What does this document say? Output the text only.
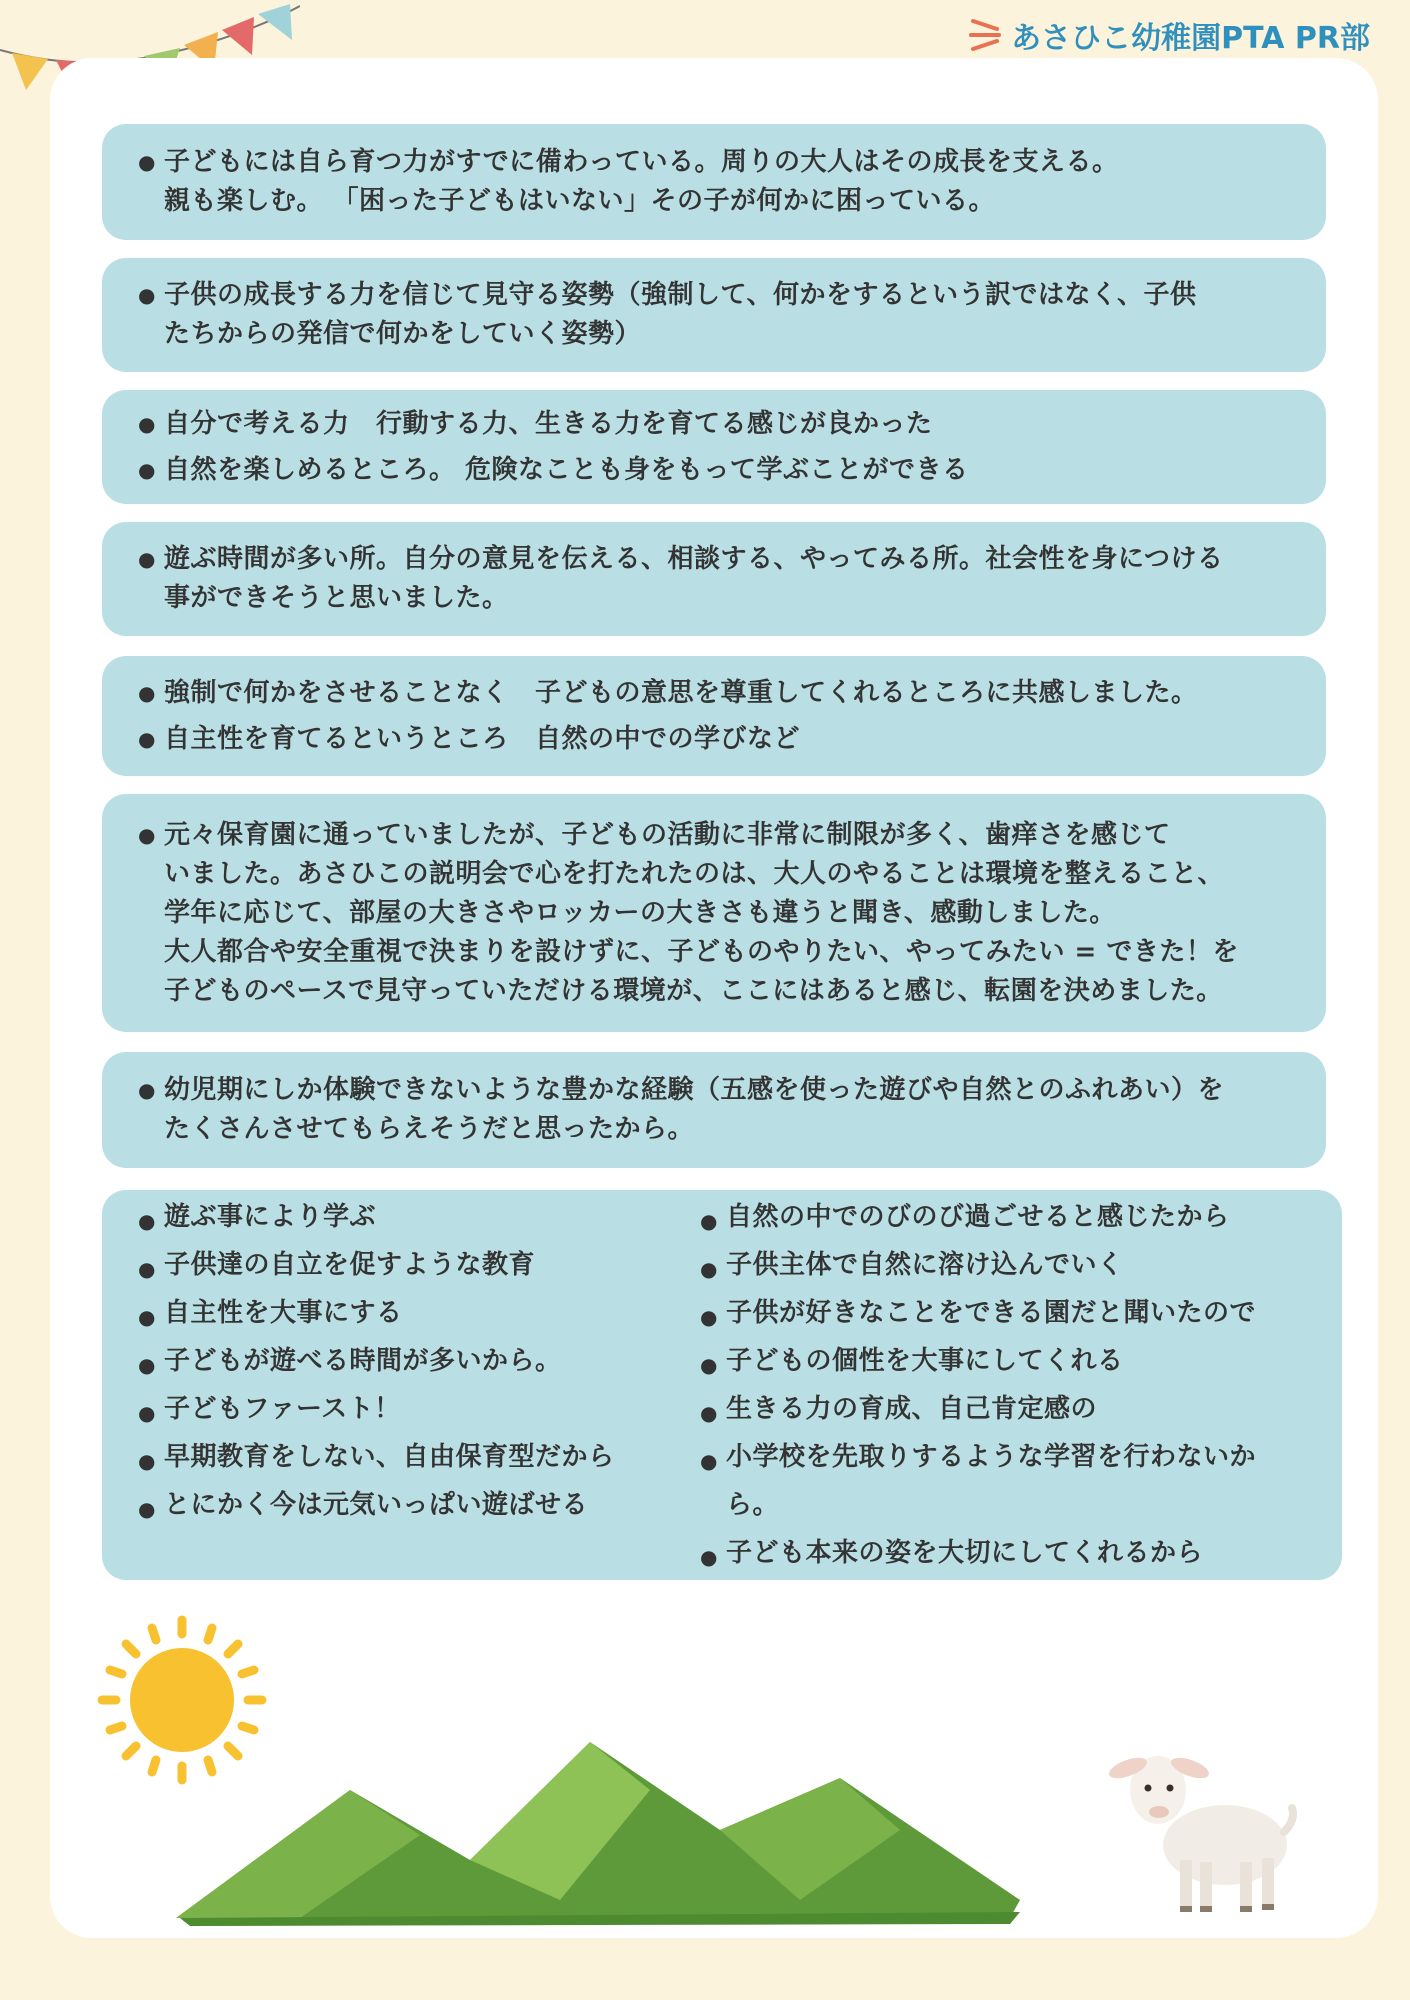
あさひこ幼稚園PTA PR部
● 子どもには自ら育つ力がすでに備わっている。周りの大人はその成長を支える。
親も楽しむ。 「困った子どもはいない」その子が何かに困っている。
● 子供の成長する力を信じて見守る姿勢（強制して、何かをするという訳ではなく、子供
たちからの発信で何かをしていく姿勢）
● 自分で考える力　行動する力、生きる力を育てる感じが良かった
● 自然を楽しめるところ。 危険なことも身をもって学ぶことができる
● 遊ぶ時間が多い所。自分の意見を伝える、相談する、やってみる所。社会性を身につける
事ができそうと思いました。
● 強制で何かをさせることなく　子どもの意思を尊重してくれるところに共感しました。
● 自主性を育てるというところ　自然の中での学びなど
● 元々保育園に通っていましたが、子どもの活動に非常に制限が多く、歯痒さを感じて
いました。あさひこの説明会で心を打たれたのは、大人のやることは環境を整えること、
学年に応じて、部屋の大きさやロッカーの大きさも違うと聞き、感動しました。
大人都合や安全重視で決まりを設けずに、子どものやりたい、やってみたい = できた！を
子どものペースで見守っていただける環境が、ここにはあると感じ、転園を決めました。
● 幼児期にしか体験できないような豊かな経験（五感を使った遊びや自然とのふれあい）を
たくさんさせてもらえそうだと思ったから。
● 遊ぶ事により学ぶ
● 子供達の自立を促すような教育
● 自主性を大事にする
● 子どもが遊べる時間が多いから。
● 子どもファースト！
● 早期教育をしない、自由保育型だから
● とにかく今は元気いっぱい遊ばせる
● 自然の中でのびのび過ごせると感じたから
● 子供主体で自然に溶け込んでいく
● 子供が好きなことをできる園だと聞いたので
● 子どもの個性を大事にしてくれる
● 生きる力の育成、自己肯定感の
● 小学校を先取りするような学習を行わないから。
● 子ども本来の姿を大切にしてくれるから
